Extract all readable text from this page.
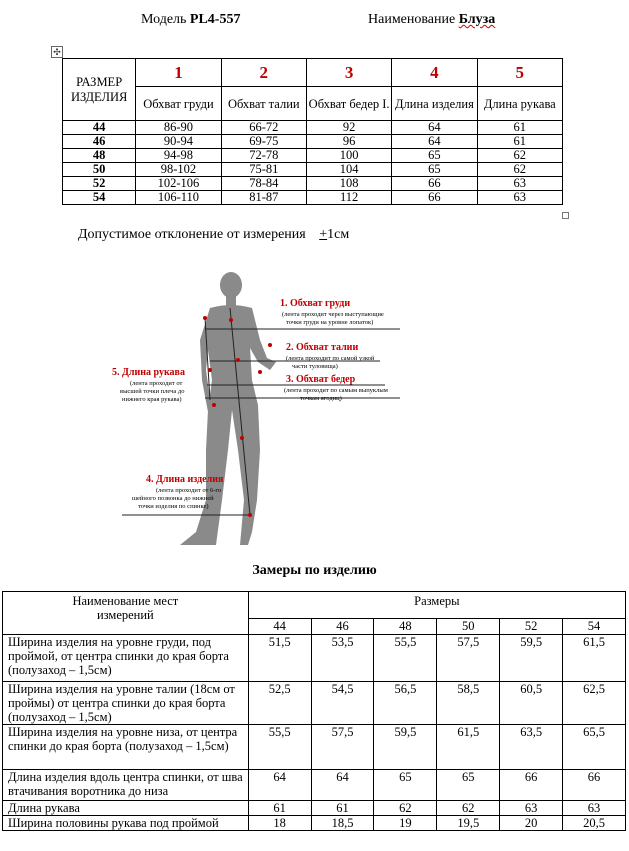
Модель PL4-557	Наименование Блуза
✣
РАЗМЕР ИЗДЕЛИЯ	1	2	3	4	5
	Обхват груди	Обхват талии	Обхват бедер I.	Длина изделия	Длина рукава
44	86-90	66-72	92	64	61
46	90-94	69-75	96	64	61
48	94-98	72-78	100	65	62
50	98-102	75-81	104	65	62
52	102-106	78-84	108	66	63
54	106-110	81-87	112	66	63
Допустимое отклонение от измерения +1см
1. Обхват груди
(лента проходит через выступающие
точки груди на уровне лопаток)
2. Обхват талии
(лента проходит по самой узкой
части туловища)
3. Обхват бедер
(лента проходит по самым выпуклым
точкам ягодиц)
5. Длина рукава
(лента проходит от
высшей точки плеча до
нижнего края рукава)
4. Длина изделия
(лента проходит от 6-го
шейного позвонка до нижней
точки изделия по спинке)
Замеры по изделию
Наименование мест измерений	Размеры					
	44	46	48	50	52	54
Ширина изделия на уровне груди, под проймой, от центра спинки до края борта (полузаход – 1,5см)	51,5	53,5	55,5	57,5	59,5	61,5
Ширина изделия на уровне талии (18см от проймы) от центра спинки до края борта (полузаход – 1,5см)	52,5	54,5	56,5	58,5	60,5	62,5
Ширина изделия на уровне низа, от центра спинки до края борта (полузаход – 1,5см)	55,5	57,5	59,5	61,5	63,5	65,5
Длина изделия вдоль центра спинки, от шва втачивания воротника до низа	64	64	65	65	66	66
Длина рукава	61	61	62	62	63	63
Ширина половины рукава под проймой	18	18,5	19	19,5	20	20,5
